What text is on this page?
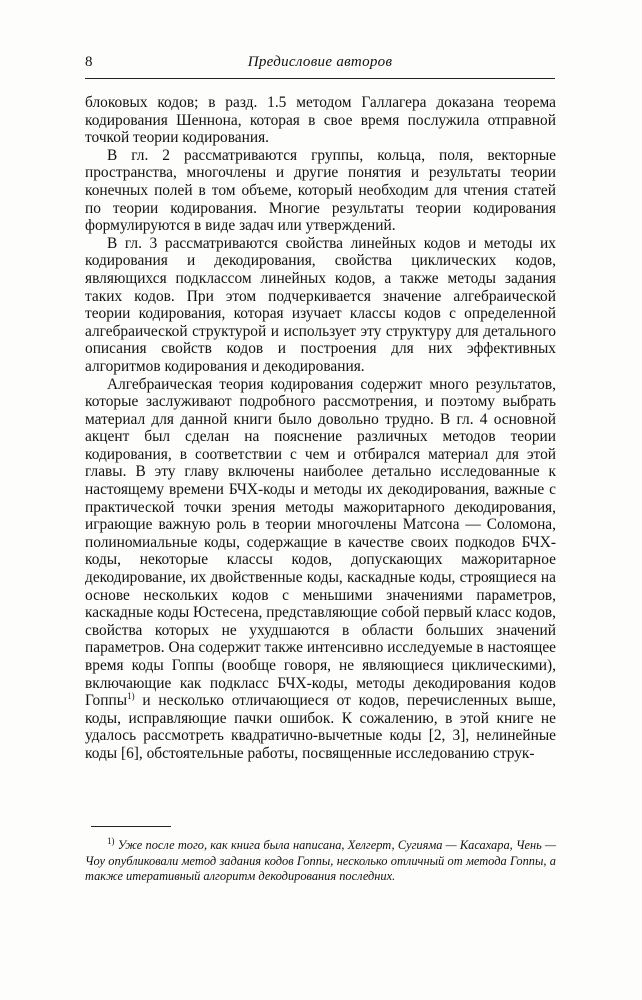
8	Предисловие авторов

блоковых кодов; в разд. 1.5 методом Галлагера доказана теорема кодирования Шеннона, которая в свое время послужила отправной точкой теории кодирования.

В гл. 2 рассматриваются группы, кольца, поля, векторные пространства, многочлены и другие понятия и результаты теории конечных полей в том объеме, который необходим для чтения статей по теории кодирования. Многие результаты теории кодирования формулируются в виде задач или утверждений.

В гл. 3 рассматриваются свойства линейных кодов и методы их кодирования и декодирования, свойства циклических кодов, являющихся подклассом линейных кодов, а также методы задания таких кодов. При этом подчеркивается значение алгебраической теории кодирования, которая изучает классы кодов с определенной алгебраической структурой и использует эту структуру для детального описания свойств кодов и построения для них эффективных алгоритмов кодирования и декодирования.

Алгебраическая теория кодирования содержит много результатов, которые заслуживают подробного рассмотрения, и поэтому выбрать материал для данной книги было довольно трудно. В гл. 4 основной акцент был сделан на пояснение различных методов теории кодирования, в соответствии с чем и отбирался материал для этой главы. В эту главу включены наиболее детально исследованные к настоящему времени БЧХ-коды и методы их декодирования, важные с практической точки зрения методы мажоритарного декодирования, играющие важную роль в теории многочлены Матсона — Соломона, полиномиальные коды, содержащие в качестве своих подкодов БЧХ-коды, некоторые классы кодов, допускающих мажоритарное декодирование, их двойственные коды, каскадные коды, строящиеся на основе нескольких кодов с меньшими значениями параметров, каскадные коды Юстесена, представляющие собой первый класс кодов, свойства которых не ухудшаются в области больших значений параметров. Она содержит также интенсивно исследуемые в настоящее время коды Гоппы (вообще говоря, не являющиеся циклическими), включающие как подкласс БЧХ-коды, методы декодирования кодов Гоппы$^{1)}$ и несколько отличающиеся от кодов, перечисленных выше, коды, исправляющие пачки ошибок. К сожалению, в этой книге не удалось рассмотреть квадратично-вычетные коды [2, 3], нелинейные коды [6], обстоятельные работы, посвященные исследованию струк-

$^{1)}$ Уже после того, как книга была написана, Хелгерт, Сугияма — Касахара, Чень — Чоу опубликовали метод задания кодов Гоппы, несколько отличный от метода Гоппы, а также итеративный алгоритм декодирования последних.
